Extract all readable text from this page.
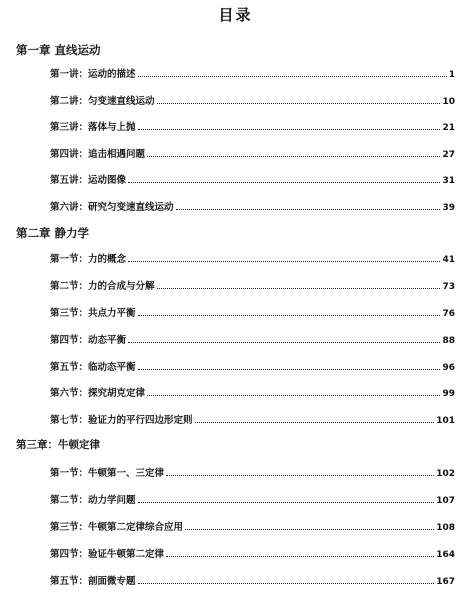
目录
第一章 直线运动
第一讲：运动的描述	1
第二讲：匀变速直线运动	10
第三讲：落体与上抛	21
第四讲：追击相遇问题	27
第五讲：运动图像	31
第六讲：研究匀变速直线运动	39
第二章 静力学
第一节：力的概念	41
第二节：力的合成与分解	73
第三节：共点力平衡	76
第四节：动态平衡	88
第五节：临动态平衡	96
第六节：探究胡克定律	99
第七节：验证力的平行四边形定则	101
第三章：牛顿定律
第一节：牛顿第一、三定律	102
第二节：动力学问题	107
第三节：牛顿第二定律综合应用	108
第四节：验证牛顿第二定律	164
第五节：剖面微专题	167
